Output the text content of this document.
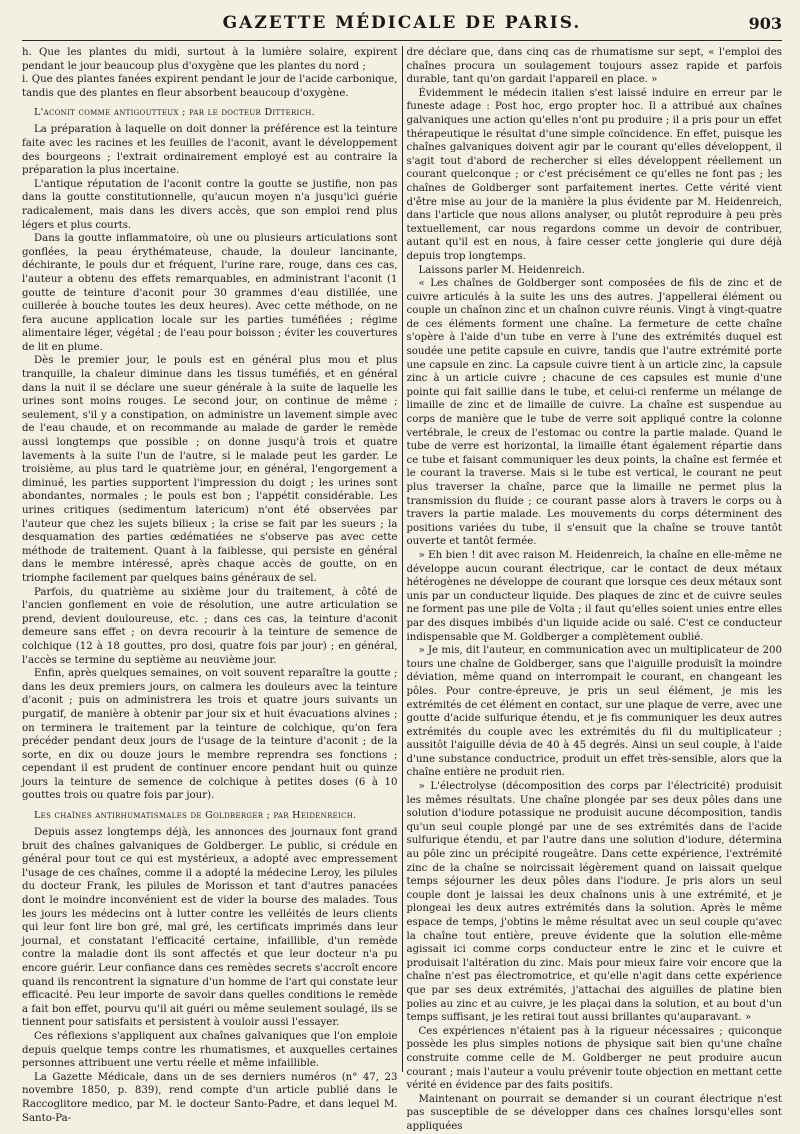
GAZETTE MÉDICALE DE PARIS.	903

h. Que les plantes du midi, surtout à la lumière solaire, expirent pendant le jour beaucoup plus d'oxygène que les plantes du nord ;

i. Que des plantes fanées expirent pendant le jour de l'acide carbonique, tandis que des plantes en fleur absorbent beaucoup d'oxygène.

L'aconit comme antigoutteux ; par le docteur Ditterich.

La préparation à laquelle on doit donner la préférence est la teinture faite avec les racines et les feuilles de l'aconit, avant le développement des bourgeons ; l'extrait ordinairement employé est au contraire la préparation la plus incertaine.

L'antique réputation de l'aconit contre la goutte se justifie, non pas dans la goutte constitutionnelle, qu'aucun moyen n'a jusqu'ici guérie radicalement, mais dans les divers accès, que son emploi rend plus légers et plus courts.

Dans la goutte inflammatoire, où une ou plusieurs articulations sont gonflées, la peau érythémateuse, chaude, la douleur lancinante, déchirante, le pouls dur et fréquent, l'urine rare, rouge, dans ces cas, l'auteur a obtenu des effets remarquables, en administrant l'aconit (1 goutte de teinture d'aconit pour 30 grammes d'eau distillée, une cuillerée à bouche toutes les deux heures). Avec cette méthode, on ne fera aucune application locale sur les parties tuméfiées ; régime alimentaire léger, végétal ; de l'eau pour boisson ; éviter les couvertures de lit en plume.

Dès le premier jour, le pouls est en général plus mou et plus tranquille, la chaleur diminue dans les tissus tuméfiés, et en général dans la nuit il se déclare une sueur générale à la suite de laquelle les urines sont moins rouges. Le second jour, on continue de même ; seulement, s'il y a constipation, on administre un lavement simple avec de l'eau chaude, et on recommande au malade de garder le remède aussi longtemps que possible ; on donne jusqu'à trois et quatre lavements à la suite l'un de l'autre, si le malade peut les garder. Le troisième, au plus tard le quatrième jour, en général, l'engorgement a diminué, les parties supportent l'impression du doigt ; les urines sont abondantes, normales ; le pouls est bon ; l'appétit considérable. Les urines critiques (sedimentum latericum) n'ont été observées par l'auteur que chez les sujets bilieux ; la crise se fait par les sueurs ; la desquamation des parties œdématiées ne s'observe pas avec cette méthode de traitement. Quant à la faiblesse, qui persiste en général dans le membre intéressé, après chaque accès de goutte, on en triomphe facilement par quelques bains généraux de sel.

Parfois, du quatrième au sixième jour du traitement, à côté de l'ancien gonflement en voie de résolution, une autre articulation se prend, devient douloureuse, etc. ; dans ces cas, la teinture d'aconit demeure sans effet ; on devra recourir à la teinture de semence de colchique (12 à 18 gouttes, pro dosi, quatre fois par jour) ; en général, l'accès se termine du septième au neuvième jour.

Enfin, après quelques semaines, on voit souvent reparaître la goutte ; dans les deux premiers jours, on calmera les douleurs avec la teinture d'aconit ; puis on administrera les trois et quatre jours suivants un purgatif, de manière à obtenir par jour six et huit évacuations alvines ; on terminera le traitement par la teinture de colchique, qu'on fera précéder pendant deux jours de l'usage de la teinture d'aconit ; de la sorte, en dix ou douze jours le membre reprendra ses fonctions ; cependant il est prudent de continuer encore pendant huit ou quinze jours la teinture de semence de colchique à petites doses (6 à 10 gouttes trois ou quatre fois par jour).

Les chaînes antirhumatismales de Goldberger ; par Heidenreich.

Depuis assez longtemps déjà, les annonces des journaux font grand bruit des chaînes galvaniques de Goldberger. Le public, si crédule en général pour tout ce qui est mystérieux, a adopté avec empressement l'usage de ces chaînes, comme il a adopté la médecine Leroy, les pilules du docteur Frank, les pilules de Morisson et tant d'autres panacées dont le moindre inconvénient est de vider la bourse des malades. Tous les jours les médecins ont à lutter contre les velléités de leurs clients qui leur font lire bon gré, mal gré, les certificats imprimés dans leur journal, et constatant l'efficacité certaine, infaillible, d'un remède contre la maladie dont ils sont affectés et que leur docteur n'a pu encore guérir. Leur confiance dans ces remèdes secrets s'accroît encore quand ils rencontrent la signature d'un homme de l'art qui constate leur efficacité. Peu leur importe de savoir dans quelles conditions le remède a fait bon effet, pourvu qu'il ait guéri ou même seulement soulagé, ils se tiennent pour satisfaits et persistent à vouloir aussi l'essayer.

Ces réflexions s'appliquent aux chaînes galvaniques que l'on emploie depuis quelque temps contre les rhumatismes, et auxquelles certaines personnes attribuent une vertu réelle et même infaillible.

La Gazette Médicale, dans un de ses derniers numéros (n° 47, 23 novembre 1850, p. 839), rend compte d'un article publié dans le Raccoglitore medico, par M. le docteur Santo-Padre, et dans lequel M. Santo-Pa-

dre déclare que, dans cinq cas de rhumatisme sur sept, « l'emploi des chaînes procura un soulagement toujours assez rapide et parfois durable, tant qu'on gardait l'appareil en place. »

Évidemment le médecin italien s'est laissé induire en erreur par le funeste adage : Post hoc, ergo propter hoc. Il a attribué aux chaînes galvaniques une action qu'elles n'ont pu produire ; il a pris pour un effet thérapeutique le résultat d'une simple coïncidence. En effet, puisque les chaînes galvaniques doivent agir par le courant qu'elles développent, il s'agit tout d'abord de rechercher si elles développent réellement un courant quelconque ; or c'est précisément ce qu'elles ne font pas ; les chaînes de Goldberger sont parfaitement inertes. Cette vérité vient d'être mise au jour de la manière la plus évidente par M. Heidenreich, dans l'article que nous allons analyser, ou plutôt reproduire à peu près textuellement, car nous regardons comme un devoir de contribuer, autant qu'il est en nous, à faire cesser cette jonglerie qui dure déjà depuis trop longtemps.

Laissons parler M. Heidenreich.

« Les chaînes de Goldberger sont composées de fils de zinc et de cuivre articulés à la suite les uns des autres. J'appellerai élément ou couple un chaînon zinc et un chaînon cuivre réunis. Vingt à vingt-quatre de ces éléments forment une chaîne. La fermeture de cette chaîne s'opère à l'aide d'un tube en verre à l'une des extrémités duquel est soudée une petite capsule en cuivre, tandis que l'autre extrémité porte une capsule en zinc. La capsule cuivre tient à un article zinc, la capsule zinc à un article cuivre ; chacune de ces capsules est munie d'une pointe qui fait saillie dans le tube, et celui-ci renferme un mélange de limaille de zinc et de limaille de cuivre. La chaîne est suspendue au corps de manière que le tube de verre soit appliqué contre la colonne vertébrale, le creux de l'estomac ou contre la partie malade. Quand le tube de verre est horizontal, la limaille étant également répartie dans ce tube et faisant communiquer les deux points, la chaîne est fermée et le courant la traverse. Mais si le tube est vertical, le courant ne peut plus traverser la chaîne, parce que la limaille ne permet plus la transmission du fluide ; ce courant passe alors à travers le corps ou à travers la partie malade. Les mouvements du corps déterminent des positions variées du tube, il s'ensuit que la chaîne se trouve tantôt ouverte et tantôt fermée.

» Eh bien ! dit avec raison M. Heidenreich, la chaîne en elle-même ne développe aucun courant électrique, car le contact de deux métaux hétérogènes ne développe de courant que lorsque ces deux métaux sont unis par un conducteur liquide. Des plaques de zinc et de cuivre seules ne forment pas une pile de Volta ; il faut qu'elles soient unies entre elles par des disques imbibés d'un liquide acide ou salé. C'est ce conducteur indispensable que M. Goldberger a complètement oublié.

» Je mis, dit l'auteur, en communication avec un multiplicateur de 200 tours une chaîne de Goldberger, sans que l'aiguille produisît la moindre déviation, même quand on interrompait le courant, en changeant les pôles. Pour contre-épreuve, je pris un seul élément, je mis les extrémités de cet élément en contact, sur une plaque de verre, avec une goutte d'acide sulfurique étendu, et je fis communiquer les deux autres extrémités du couple avec les extrémités du fil du multiplicateur ; aussitôt l'aiguille dévia de 40 à 45 degrés. Ainsi un seul couple, à l'aide d'une substance conductrice, produit un effet très-sensible, alors que la chaîne entière ne produit rien.

» L'électrolyse (décomposition des corps par l'électricité) produisit les mêmes résultats. Une chaîne plongée par ses deux pôles dans une solution d'iodure potassique ne produisit aucune décomposition, tandis qu'un seul couple plongé par une de ses extrémités dans de l'acide sulfurique étendu, et par l'autre dans une solution d'iodure, détermina au pôle zinc un précipité rougeâtre. Dans cette expérience, l'extrémité zinc de la chaîne se noircissait légèrement quand on laissait quelque temps séjourner les deux pôles dans l'iodure. Je pris alors un seul couple dont je laissai les deux chaînons unis à une extrémité, et je plongeai les deux autres extrémités dans la solution. Après le même espace de temps, j'obtins le même résultat avec un seul couple qu'avec la chaîne tout entière, preuve évidente que la solution elle-même agissait ici comme corps conducteur entre le zinc et le cuivre et produisait l'altération du zinc. Mais pour mieux faire voir encore que la chaîne n'est pas électromotrice, et qu'elle n'agit dans cette expérience que par ses deux extrémités, j'attachai des aiguilles de platine bien polies au zinc et au cuivre, je les plaçai dans la solution, et au bout d'un temps suffisant, je les retirai tout aussi brillantes qu'auparavant. »

Ces expériences n'étaient pas à la rigueur nécessaires ; quiconque possède les plus simples notions de physique sait bien qu'une chaîne construite comme celle de M. Goldberger ne peut produire aucun courant ; mais l'auteur a voulu prévenir toute objection en mettant cette vérité en évidence par des faits positifs.

Maintenant on pourrait se demander si un courant électrique n'est pas susceptible de se développer dans ces chaînes lorsqu'elles sont appliquées
